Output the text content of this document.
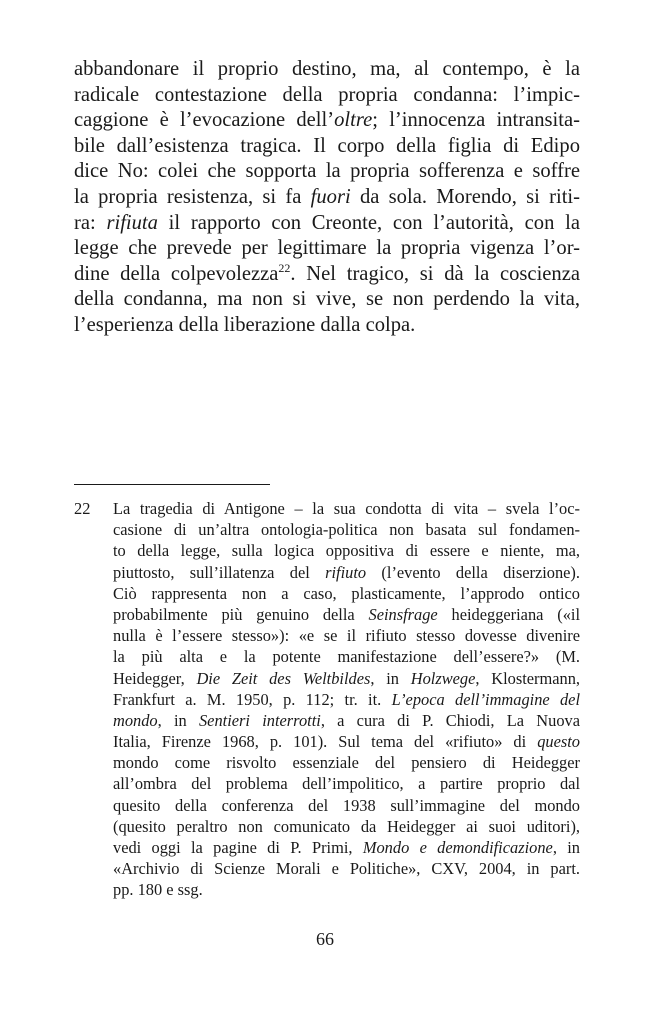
abbandonare il proprio destino, ma, al contempo, è la
radicale contestazione della propria condanna: l’impic-
caggione è l’evocazione dell’oltre; l’innocenza intransita-
bile dall’esistenza tragica. Il corpo della figlia di Edipo
dice No: colei che sopporta la propria sofferenza e soffre
la propria resistenza, si fa fuori da sola. Morendo, si riti-
ra: rifiuta il rapporto con Creonte, con l’autorità, con la
legge che prevede per legittimare la propria vigenza l’or-
dine della colpevolezza$^{22}$. Nel tragico, si dà la coscienza
della condanna, ma non si vive, se non perdendo la vita,
l’esperienza della liberazione dalla colpa.
22 La tragedia di Antigone – la sua condotta di vita – svela l’oc-
casione di un’altra ontologia-politica non basata sul fondamen-
to della legge, sulla logica oppositiva di essere e niente, ma,
piuttosto, sull’illatenza del rifiuto (l’evento della diserzione).
Ciò rappresenta non a caso, plasticamente, l’approdo ontico
probabilmente più genuino della Seinsfrage heideggeriana («il
nulla è l’essere stesso»): «e se il rifiuto stesso dovesse divenire
la più alta e la potente manifestazione dell’essere?» (M.
Heidegger, Die Zeit des Weltbildes, in Holzwege, Klostermann,
Frankfurt a. M. 1950, p. 112; tr. it. L’epoca dell’immagine del
mondo, in Sentieri interrotti, a cura di P. Chiodi, La Nuova
Italia, Firenze 1968, p. 101). Sul tema del «rifiuto» di questo
mondo come risvolto essenziale del pensiero di Heidegger
all’ombra del problema dell’impolitico, a partire proprio dal
quesito della conferenza del 1938 sull’immagine del mondo
(quesito peraltro non comunicato da Heidegger ai suoi uditori),
vedi oggi la pagine di P. Primi, Mondo e demondificazione, in
«Archivio di Scienze Morali e Politiche», CXV, 2004, in part.
pp. 180 e ssg.
66
